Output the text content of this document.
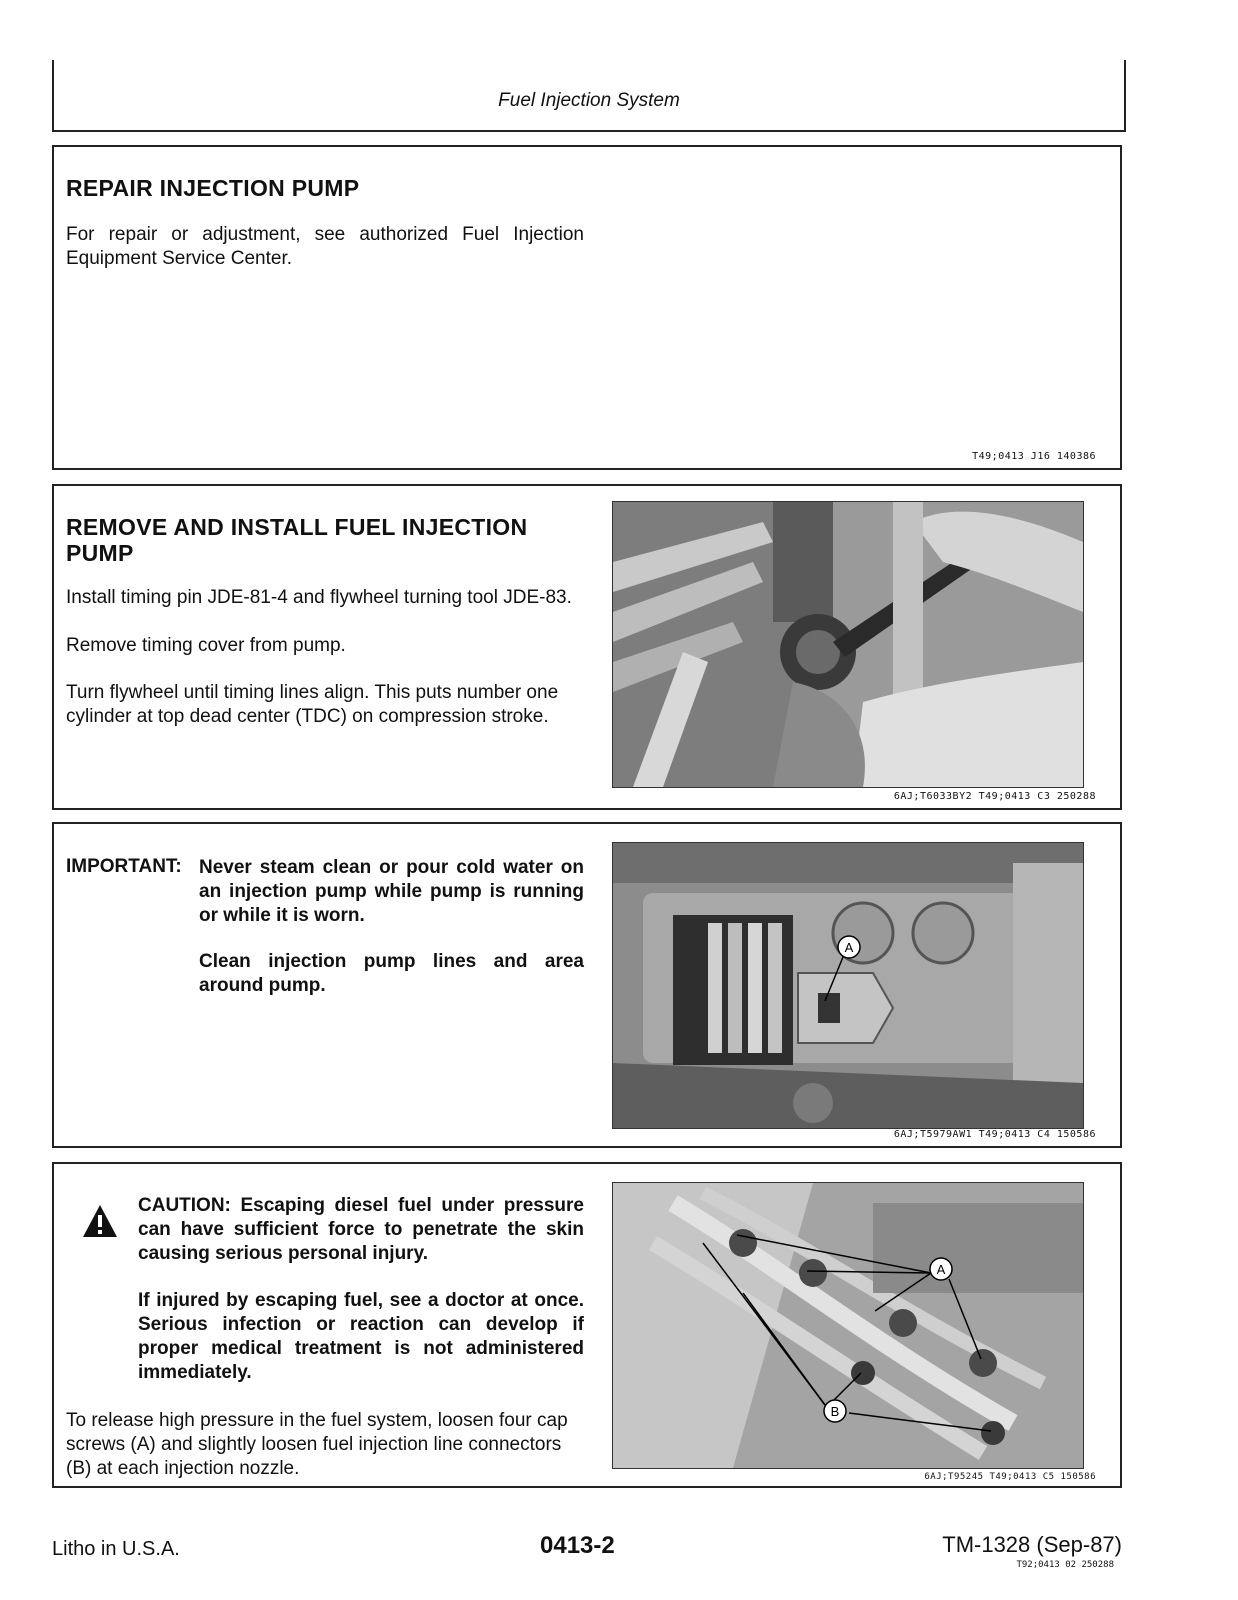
Fuel Injection System
REPAIR INJECTION PUMP
For repair or adjustment, see authorized Fuel Injection Equipment Service Center.
T49;0413 J16 140386
REMOVE AND INSTALL FUEL INJECTION PUMP
Install timing pin JDE-81-4 and flywheel turning tool JDE-83.
Remove timing cover from pump.
Turn flywheel until timing lines align. This puts number one cylinder at top dead center (TDC) on compression stroke.
6AJ;T6033BY2 T49;0413 C3 250288
IMPORTANT: Never steam clean or pour cold water on an injection pump while pump is running or while it is worn.
Clean injection pump lines and area around pump.
A
6AJ;T5979AW1 T49;0413 C4 150586
CAUTION: Escaping diesel fuel under pressure can have sufficient force to penetrate the skin causing serious personal injury.
If injured by escaping fuel, see a doctor at once. Serious infection or reaction can develop if proper medical treatment is not administered immediately.
To release high pressure in the fuel system, loosen four cap screws (A) and slightly loosen fuel injection line connectors (B) at each injection nozzle.
A
B
6AJ;T95245 T49;0413 C5 150586
Litho in U.S.A.	0413-2	TM-1328 (Sep-87)
T92;0413 02 250288
